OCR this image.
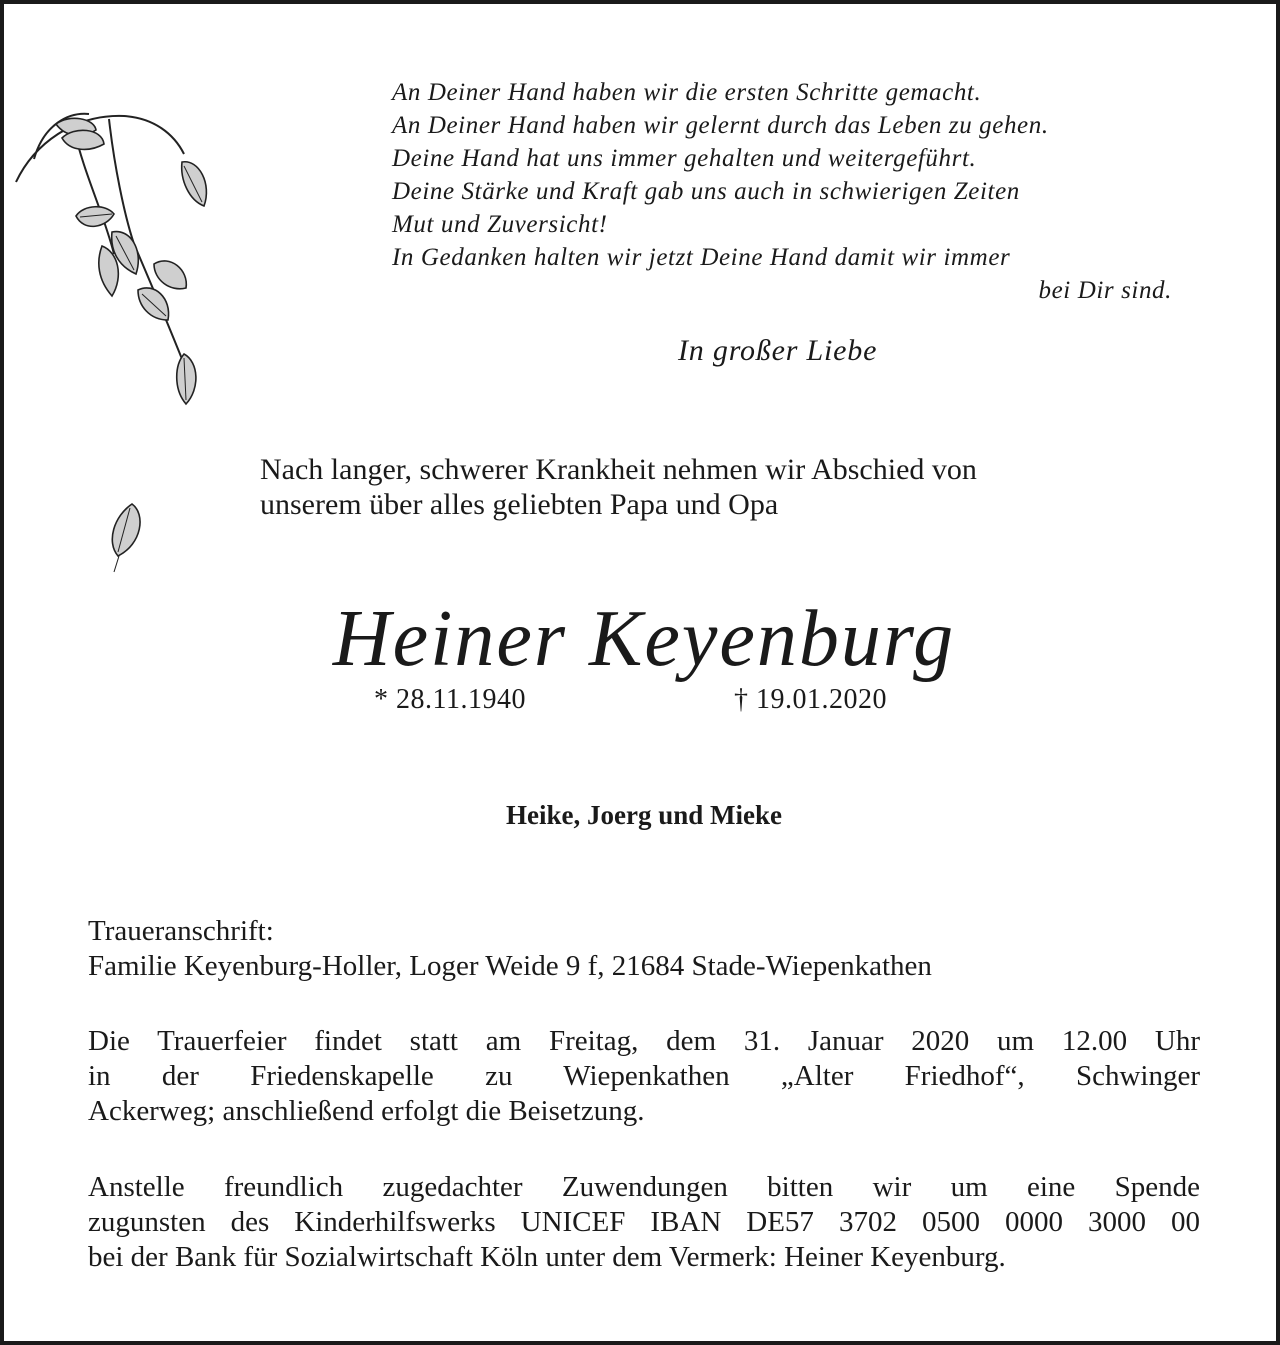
An Deiner Hand haben wir die ersten Schritte gemacht.
An Deiner Hand haben wir gelernt durch das Leben zu gehen.
Deine Hand hat uns immer gehalten und weitergeführt.
Deine Stärke und Kraft gab uns auch in schwierigen Zeiten
Mut und Zuversicht!
In Gedanken halten wir jetzt Deine Hand damit wir immer
bei Dir sind.
In großer Liebe
Nach langer, schwerer Krankheit nehmen wir Abschied von
unserem über alles geliebten Papa und Opa
Heiner Keyenburg
* 28.11.1940	† 19.01.2020
Heike, Joerg und Mieke
Traueranschrift:
Familie Keyenburg-Holler, Loger Weide 9 f, 21684 Stade-Wiepenkathen
Die Trauerfeier findet statt am Freitag, dem 31. Januar 2020 um 12.00 Uhr
in der Friedenskapelle zu Wiepenkathen „Alter Friedhof“, Schwinger
Ackerweg; anschließend erfolgt die Beisetzung.
Anstelle freundlich zugedachter Zuwendungen bitten wir um eine Spende
zugunsten des Kinderhilfswerks UNICEF IBAN DE57 3702 0500 0000 3000 00
bei der Bank für Sozialwirtschaft Köln unter dem Vermerk: Heiner Keyenburg.
